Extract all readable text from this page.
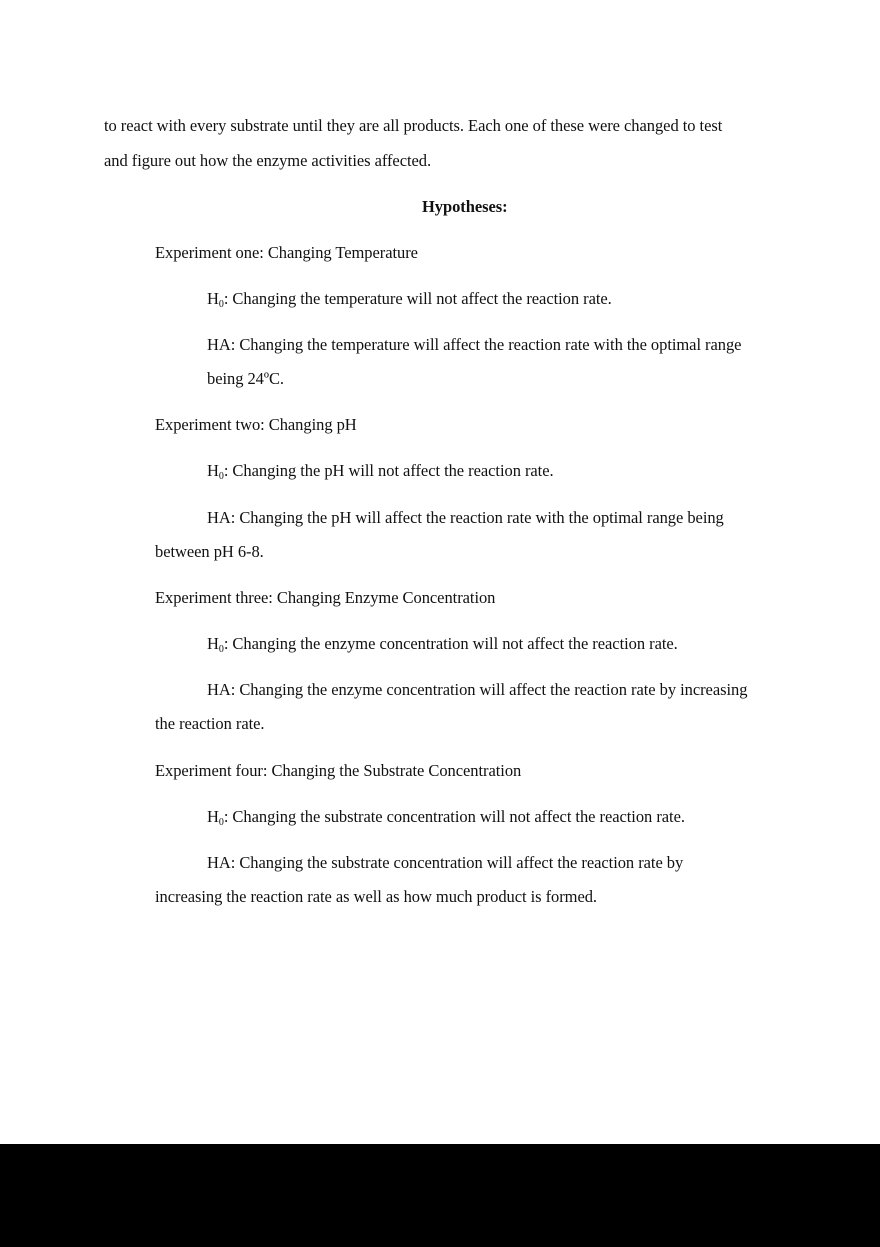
to react with every substrate until they are all products. Each one of these were changed to test
and figure out how the enzyme activities affected.
Hypotheses:
Experiment one: Changing Temperature
$H_0$: Changing the temperature will not affect the reaction rate.
HA: Changing the temperature will affect the reaction rate with the optimal range
being 24ºC.
Experiment two: Changing pH
$H_0$: Changing the pH will not affect the reaction rate.
HA: Changing the pH will affect the reaction rate with the optimal range being
between pH 6-8.
Experiment three: Changing Enzyme Concentration
$H_0$: Changing the enzyme concentration will not affect the reaction rate.
HA: Changing the enzyme concentration will affect the reaction rate by increasing
the reaction rate.
Experiment four: Changing the Substrate Concentration
$H_0$: Changing the substrate concentration will not affect the reaction rate.
HA: Changing the substrate concentration will affect the reaction rate by
increasing the reaction rate as well as how much product is formed.
